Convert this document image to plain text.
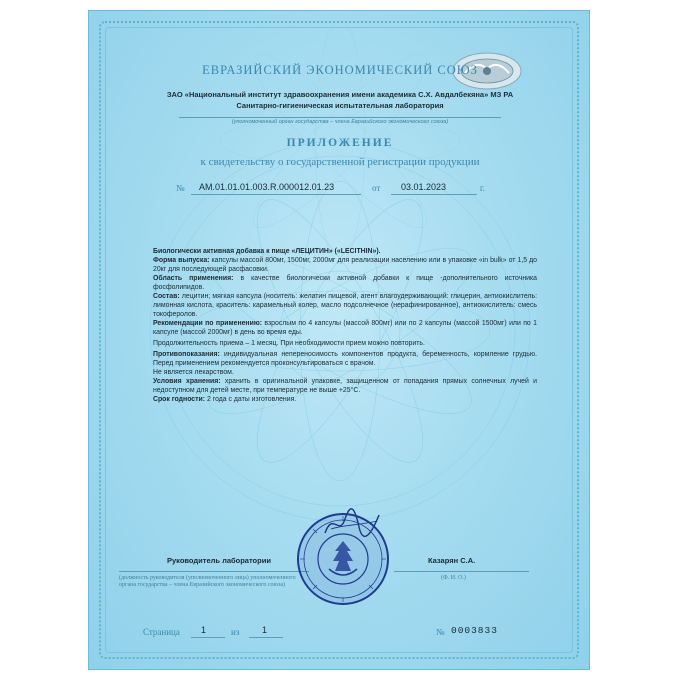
ЕВРАЗИЙСКИЙ ЭКОНОМИЧЕСКИЙ СОЮЗ
ЗАО «Национальный институт здравоохранения имени академика С.Х. Авдалбекяна» МЗ РА
Санитарно-гигиеническая испытательная лаборатория
(уполномоченный орган государства – члена Евразийского экономического союза)
ПРИЛОЖЕНИЕ
к свидетельству о государственной регистрации продукции
№ AM.01.01.01.003.R.000012.01.23	от 03.01.2023	г.

Биологически активная добавка к пище «ЛЕЦИТИН» («LECITHIN»).

Форма выпуска: капсулы массой 800мг, 1500мг, 2000мг для реализации населению или в упаковке «in bulk» от 1,5 до 20кг для последующей расфасовки.

Область применения: в качестве биологически активной добавки к пище -дополнительного источника фосфолипидов.

Состав: лецитин; мягкая капсула (носитель: желатин пищевой, агент влагоудерживающий: глицерин, антиокислитель: лимонная кислота, краситель: карамельный колер, масло подсолнечное (нерафинированное), антиокислитель: смесь токоферолов.

Рекомендации по применению: взрослым по 4 капсулы (массой 800мг) или по 2 капсулы (массой 1500мг) или по 1 капсуле (массой 2000мг) в день во время еды.

Продолжительность приема – 1 месяц. При необходимости прием можно повторить.

Противопоказания: индивидуальная непереносимость компонентов продукта, беременность, кормление грудью. Перед применением рекомендуется проконсультироваться с врачом.

Не является лекарством.

Условия хранения: хранить в оригинальной упаковке, защищенном от попадания прямых солнечных лучей и недоступном для детей месте, при температуре не выше +25°С.

Срок годности: 2 года с даты изготовления.

Руководитель лаборатории
(должность руководителя (уполномоченного лица) уполномоченного органа государства – члена Евразийского экономического союза)
Казарян С.А.
(Ф. И. О.)
Страница 1	из	1	№ 0003833
